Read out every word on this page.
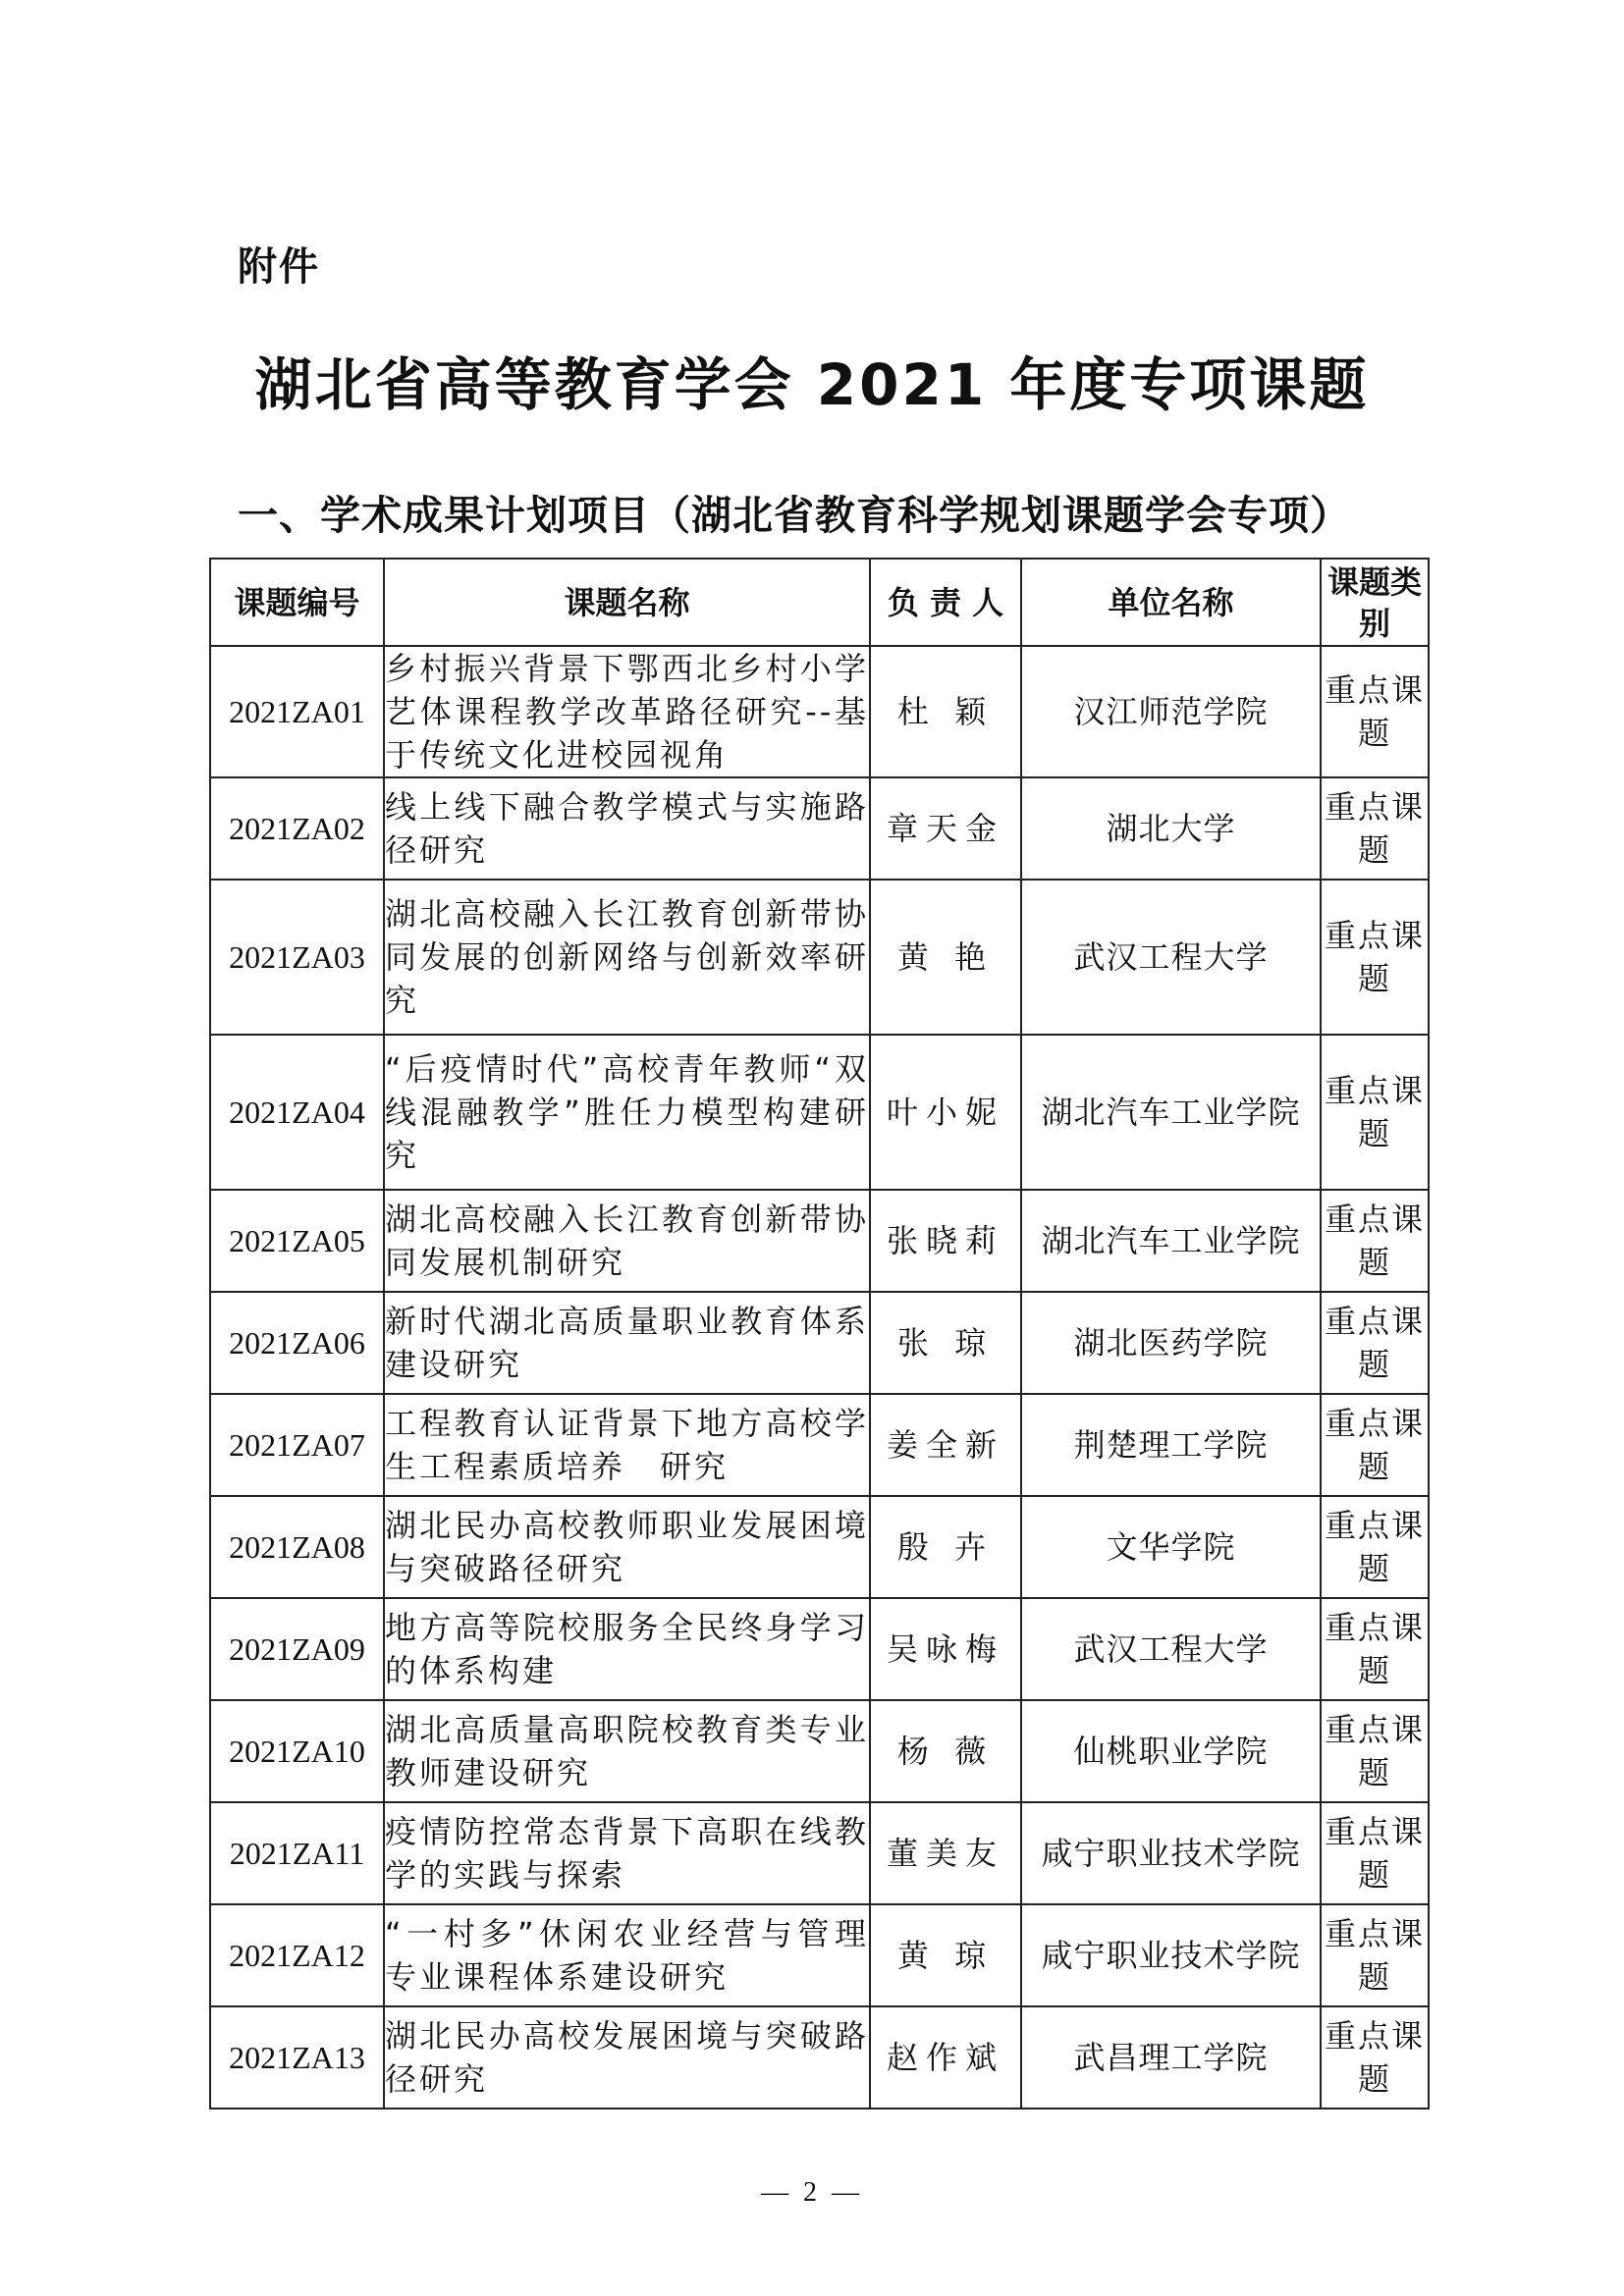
附件
湖北省高等教育学会 2021 年度专项课题
一、学术成果计划项目（湖北省教育科学规划课题学会专项）
课题编号	课题名称	负 责 人	单位名称	课题类别
2021ZA01	乡村振兴背景下鄂西北乡村小学艺体课程教学改革路径研究--基于传统文化进校园视角	杜 颖	汉江师范学院	重点课题
2021ZA02	线上线下融合教学模式与实施路径研究	章天金	湖北大学	重点课题
2021ZA03	湖北高校融入长江教育创新带协同发展的创新网络与创新效率研究	黄 艳	武汉工程大学	重点课题
2021ZA04	“后疫情时代”高校青年教师“双线混融教学”胜任力模型构建研究	叶小妮	湖北汽车工业学院	重点课题
2021ZA05	湖北高校融入长江教育创新带协同发展机制研究	张晓莉	湖北汽车工业学院	重点课题
2021ZA06	新时代湖北高质量职业教育体系建设研究	张 琼	湖北医药学院	重点课题
2021ZA07	工程教育认证背景下地方高校学生工程素质培养　研究	姜全新	荆楚理工学院	重点课题
2021ZA08	湖北民办高校教师职业发展困境与突破路径研究	殷 卉	文华学院	重点课题
2021ZA09	地方高等院校服务全民终身学习的体系构建	吴咏梅	武汉工程大学	重点课题
2021ZA10	湖北高质量高职院校教育类专业教师建设研究	杨 薇	仙桃职业学院	重点课题
2021ZA11	疫情防控常态背景下高职在线教学的实践与探索	董美友	咸宁职业技术学院	重点课题
2021ZA12	“一村多”休闲农业经营与管理专业课程体系建设研究	黄 琼	咸宁职业技术学院	重点课题
2021ZA13	湖北民办高校发展困境与突破路径研究	赵作斌	武昌理工学院	重点课题
— 2 —
